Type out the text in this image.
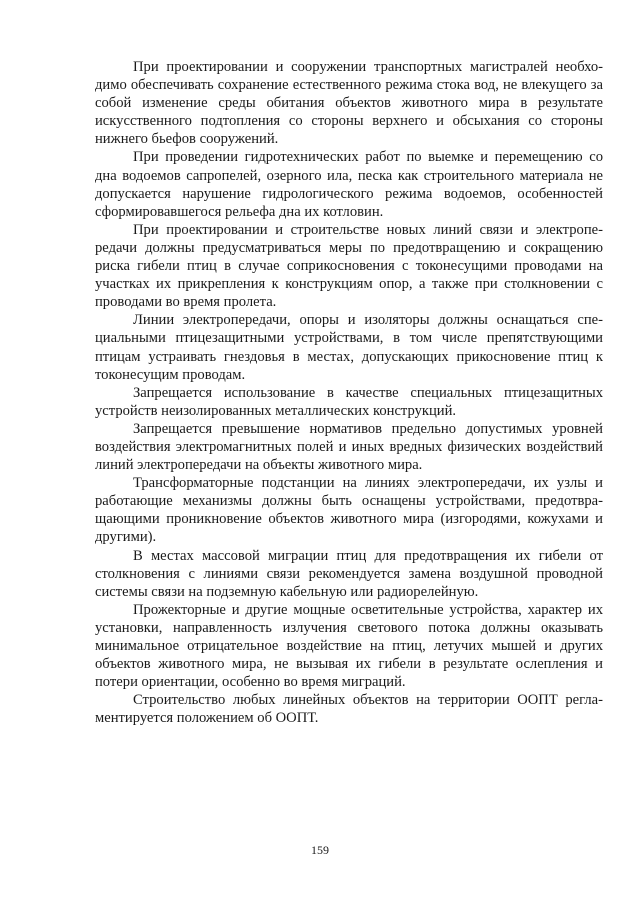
При проектировании и сооружении транспортных магистралей необходимо обеспечивать сохранение естественного режима стока вод, не влекущего за собой изменение среды обитания объектов животного мира в результате искусственного подтопления со стороны верхнего и обсыхания со стороны нижнего бьефов сооружений.

При проведении гидротехнических работ по выемке и перемещению со дна водоемов сапропелей, озерного ила, песка как строительного материала не допускается нарушение гидрологического режима водоемов, особенностей сформировавшегося рельефа дна их котловин.

При проектировании и строительстве новых линий связи и электропередачи должны предусматриваться меры по предотвращению и сокращению риска гибели птиц в случае соприкосновения с токонесущими проводами на участках их прикрепления к конструкциям опор, а также при столкновении с проводами во время пролета.

Линии электропередачи, опоры и изоляторы должны оснащаться специальными птицезащитными устройствами, в том числе препятствующими птицам устраивать гнездовья в местах, допускающих прикосновение птиц к токонесущим проводам.

Запрещается использование в качестве специальных птицезащитных устройств неизолированных металлических конструкций.

Запрещается превышение нормативов предельно допустимых уровней воздействия электромагнитных полей и иных вредных физических воздействий линий электропередачи на объекты животного мира.

Трансформаторные подстанции на линиях электропередачи, их узлы и работающие механизмы должны быть оснащены устройствами, предотвращающими проникновение объектов животного мира (изгородями, кожухами и другими).

В местах массовой миграции птиц для предотвращения их гибели от столкновения с линиями связи рекомендуется замена воздушной проводной системы связи на подземную кабельную или радиорелейную.

Прожекторные и другие мощные осветительные устройства, характер их установки, направленность излучения светового потока должны оказывать минимальное отрицательное воздействие на птиц, летучих мышей и других объектов животного мира, не вызывая их гибели в результате ослепления и потери ориентации, особенно во время миграций.

Строительство любых линейных объектов на территории ООПТ регламентируется положением об ООПТ.

159
